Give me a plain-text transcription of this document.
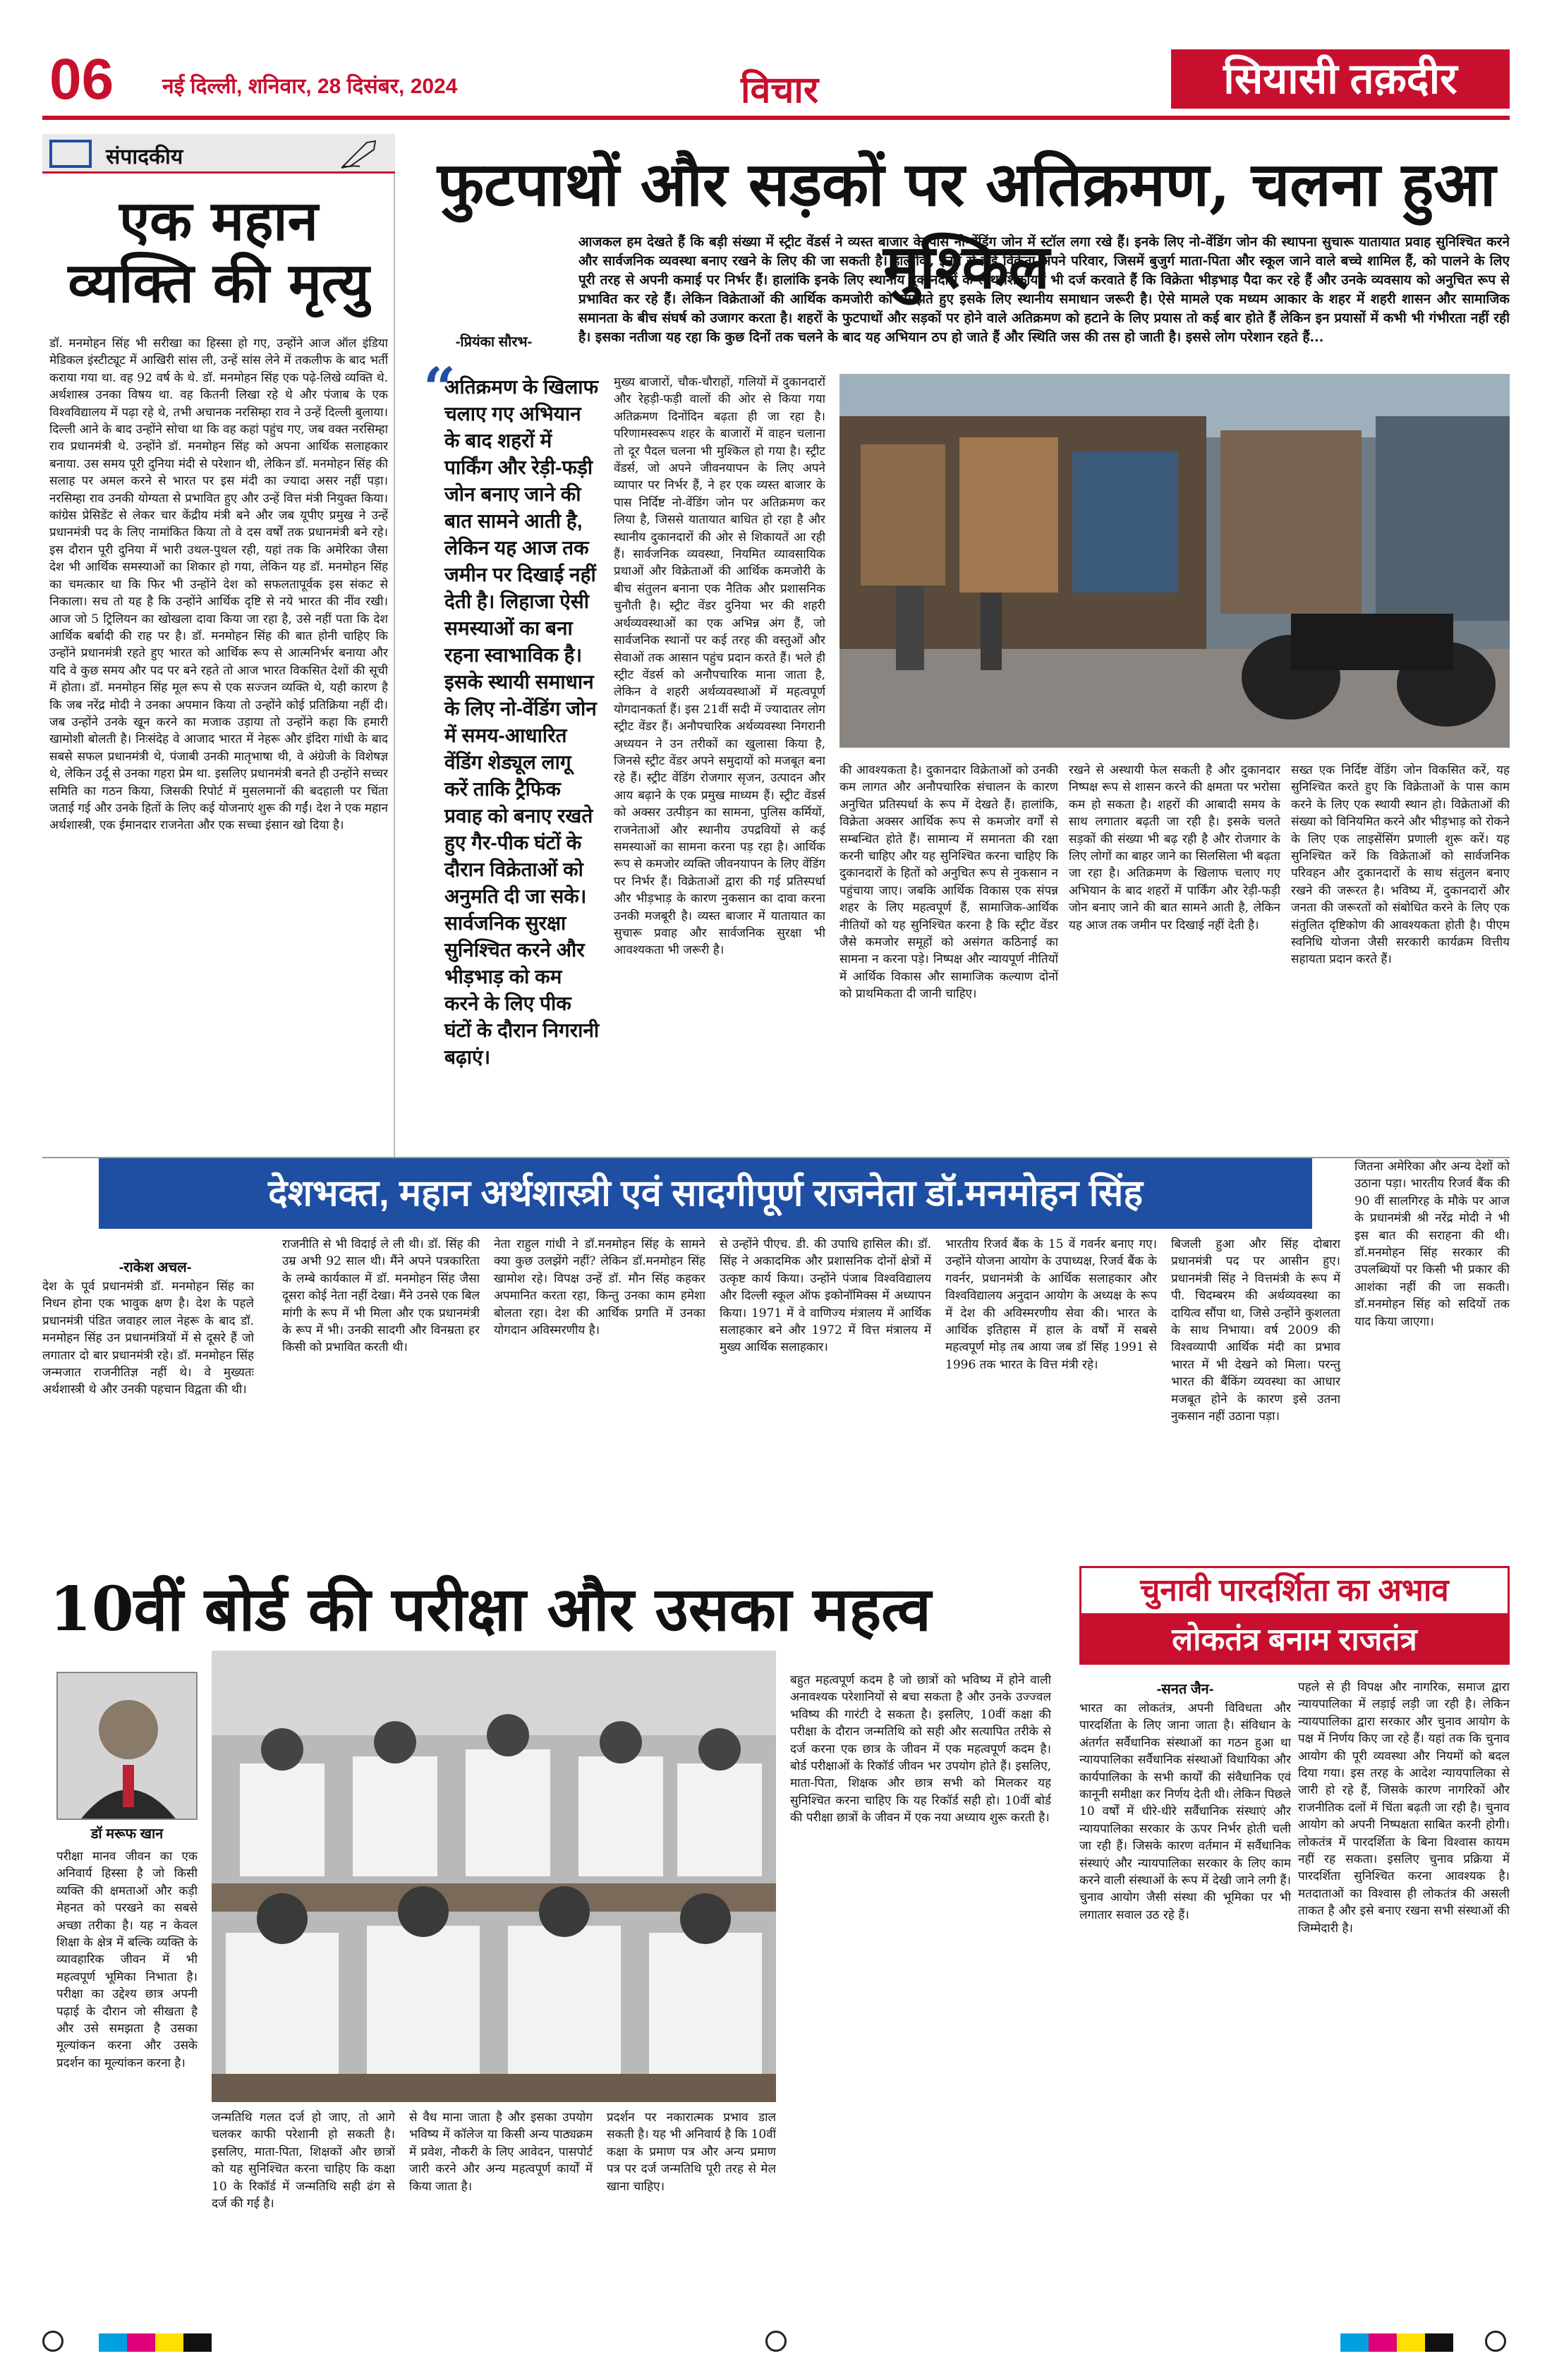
06 नई दिल्ली, शनिवार, 28 दिसंबर, 2024	विचार	सियासी तक़दीर
संपादकीय
एक महान व्यक्ति की मृत्यु
डॉ. मनमोहन सिंह भी सरीखा का हिस्सा हो गए, उन्होंने आज ऑल इंडिया मेडिकल इंस्टीट्यूट में आखिरी सांस ली, उन्हें सांस लेने में तकलीफ के बाद भर्ती कराया गया था. वह 92 वर्ष के थे. डॉ. मनमोहन सिंह एक पढ़े-लिखे व्यक्ति थे. अर्थशास्त्र उनका विषय था. वह कितनी लिखा रहे थे और पंजाब के एक विश्वविद्यालय में पढ़ा रहे थे, तभी अचानक नरसिम्हा राव ने उन्हें दिल्ली बुलाया। दिल्ली आने के बाद उन्होंने सोचा था कि वह कहां पहुंच गए, जब वक्त नरसिम्हा राव प्रधानमंत्री थे. उन्होंने डॉ. मनमोहन सिंह को अपना आर्थिक सलाहकार बनाया. उस समय पूरी दुनिया मंदी से परेशान थी, लेकिन डॉ. मनमोहन सिंह की सलाह पर अमल करने से भारत पर इस मंदी का ज्यादा असर नहीं पड़ा। नरसिम्हा राव उनकी योग्यता से प्रभावित हुए और उन्हें वित्त मंत्री नियुक्त किया। कांग्रेस प्रेसिडेंट से लेकर चार केंद्रीय मंत्री बने और जब यूपीए प्रमुख ने उन्हें प्रधानमंत्री पद के लिए नामांकित किया तो वे दस वर्षों तक प्रधानमंत्री बने रहे। इस दौरान पूरी दुनिया में भारी उथल-पुथल रही, यहां तक कि अमेरिका जैसा देश भी आर्थिक समस्याओं का शिकार हो गया, लेकिन यह डॉ. मनमोहन सिंह का चमत्कार था कि फिर भी उन्होंने देश को सफलतापूर्वक इस संकट से निकाला। सच तो यह है कि उन्होंने आर्थिक दृष्टि से नये भारत की नींव रखी। आज जो 5 ट्रिलियन का खोखला दावा किया जा रहा है, उसे नहीं पता कि देश आर्थिक बर्बादी की राह पर है। डॉ. मनमोहन सिंह की बात होनी चाहिए कि उन्होंने प्रधानमंत्री रहते हुए भारत को आर्थिक रूप से आत्मनिर्भर बनाया और यदि वे कुछ समय और पद पर बने रहते तो आज भारत विकसित देशों की सूची में होता। डॉ. मनमोहन सिंह मूल रूप से एक सज्जन व्यक्ति थे, यही कारण है कि जब नरेंद्र मोदी ने उनका अपमान किया तो उन्होंने कोई प्रतिक्रिया नहीं दी। जब उन्होंने उनके खून करने का मजाक उड़ाया तो उन्होंने कहा कि हमारी खामोशी बोलती है। निःसंदेह वे आजाद भारत में नेहरू और इंदिरा गांधी के बाद सबसे सफल प्रधानमंत्री थे, पंजाबी उनकी मातृभाषा थी, वे अंग्रेजी के विशेषज्ञ थे, लेकिन उर्दू से उनका गहरा प्रेम था. इसलिए प्रधानमंत्री बनते ही उन्होंने सच्चर समिति का गठन किया, जिसकी रिपोर्ट में मुसलमानों की बदहाली पर चिंता जताई गई और उनके हितों के लिए कई योजनाएं शुरू की गईं। देश ने एक महान अर्थशास्त्री, एक ईमानदार राजनेता और एक सच्चा इंसान खो दिया है।
फुटपाथों और सड़कों पर अतिक्रमण, चलना हुआ मुश्किल
आजकल हम देखते हैं कि बड़ी संख्या में स्ट्रीट वेंडर्स ने व्यस्त बाजार के पास नो-वेंडिंग जोन में स्टॉल लगा रखे हैं। इनके लिए नो-वेंडिंग जोन की स्थापना सुचारू यातायात प्रवाह सुनिश्चित करने और सार्वजनिक व्यवस्था बनाए रखने के लिए की जा सकती है। हालांकि, इनमें से कई विक्रेता अपने परिवार, जिसमें बुजुर्ग माता-पिता और स्कूल जाने वाले बच्चे शामिल हैं, को पालने के लिए पूरी तरह से अपनी कमाई पर निर्भर हैं। हालांकि इनके लिए स्थानीय दुकानदारों के साथ शिकायतें भी दर्ज करवाते हैं कि विक्रेता भीड़भाड़ पैदा कर रहे हैं और उनके व्यवसाय को अनुचित रूप से प्रभावित कर रहे हैं। लेकिन विक्रेताओं की आर्थिक कमजोरी को समझते हुए इसके लिए स्थानीय समाधान जरूरी है। ऐसे मामले एक मध्यम आकार के शहर में शहरी शासन और सामाजिक समानता के बीच संघर्ष को उजागर करता है। शहरों के फुटपाथों और सड़कों पर होने वाले अतिक्रमण को हटाने के लिए प्रयास तो कई बार होते हैं लेकिन इन प्रयासों में कभी भी गंभीरता नहीं रही है। इसका नतीजा यह रहा कि कुछ दिनों तक चलने के बाद यह अभियान ठप हो जाते हैं और स्थिति जस की तस हो जाती है। इससे लोग परेशान रहते हैं...
-प्रियंका सौरभ-
“
अतिक्रमण के खिलाफ चलाए गए अभियान के बाद शहरों में पार्किंग और रेड़ी-फड़ी जोन बनाए जाने की बात सामने आती है, लेकिन यह आज तक जमीन पर दिखाई नहीं देती है। लिहाजा ऐसी समस्याओं का बना रहना स्वाभाविक है। इसके स्थायी समाधान के लिए नो-वेंडिंग जोन में समय-आधारित वेंडिंग शेड्यूल लागू करें ताकि ट्रैफिक प्रवाह को बनाए रखते हुए गैर-पीक घंटों के दौरान विक्रेताओं को अनुमति दी जा सके। सार्वजनिक सुरक्षा सुनिश्चित करने और भीड़भाड़ को कम करने के लिए पीक घंटों के दौरान निगरानी बढ़ाएं।
मुख्य बाजारों, चौक-चौराहों, गलियों में दुकानदारों और रेहड़ी-फड़ी वालों की ओर से किया गया अतिक्रमण दिनोंदिन बढ़ता ही जा रहा है। परिणामस्वरूप शहर के बाजारों में वाहन चलाना तो दूर पैदल चलना भी मुश्किल हो गया है। स्ट्रीट वेंडर्स, जो अपने जीवनयापन के लिए अपने व्यापार पर निर्भर हैं, ने हर एक व्यस्त बाजार के पास निर्दिष्ट नो-वेंडिंग जोन पर अतिक्रमण कर लिया है, जिससे यातायात बाधित हो रहा है और स्थानीय दुकानदारों की ओर से शिकायतें आ रही हैं। सार्वजनिक व्यवस्था, नियमित व्यावसायिक प्रथाओं और विक्रेताओं की आर्थिक कमजोरी के बीच संतुलन बनाना एक नैतिक और प्रशासनिक चुनौती है। स्ट्रीट वेंडर दुनिया भर की शहरी अर्थव्यवस्थाओं का एक अभिन्न अंग हैं, जो सार्वजनिक स्थानों पर कई तरह की वस्तुओं और सेवाओं तक आसान पहुंच प्रदान करते हैं। भले ही स्ट्रीट वेंडर्स को अनौपचारिक माना जाता है, लेकिन वे शहरी अर्थव्यवस्थाओं में महत्वपूर्ण योगदानकर्ता हैं। इस 21वीं सदी में ज्यादातर लोग स्ट्रीट वेंडर हैं। अनौपचारिक अर्थव्यवस्था निगरानी अध्ययन ने उन तरीकों का खुलासा किया है, जिनसे स्ट्रीट वेंडर अपने समुदायों को मजबूत बना रहे हैं। स्ट्रीट वेंडिंग रोजगार सृजन, उत्पादन और आय बढ़ाने के एक प्रमुख माध्यम हैं। स्ट्रीट वेंडर्स को अक्सर उत्पीड़न का सामना, पुलिस कर्मियों, राजनेताओं और स्थानीय उपद्रवियों से कई समस्याओं का सामना करना पड़ रहा है। आर्थिक रूप से कमजोर व्यक्ति जीवनयापन के लिए वेंडिंग पर निर्भर हैं। विक्रेताओं द्वारा की गई प्रतिस्पर्धा और भीड़भाड़ के कारण नुकसान का दावा करना उनकी मजबूरी है। व्यस्त बाजार में यातायात का सुचारू प्रवाह और सार्वजनिक सुरक्षा भी आवश्यकता भी जरूरी है।
की आवश्यकता है। दुकानदार विक्रेताओं को उनकी कम लागत और अनौपचारिक संचालन के कारण अनुचित प्रतिस्पर्धा के रूप में देखते हैं। हालांकि, विक्रेता अक्सर आर्थिक रूप से कमजोर वर्गों से सम्बन्धित होते हैं। सामान्य में समानता की रक्षा करनी चाहिए और यह सुनिश्चित करना चाहिए कि दुकानदारों के हितों को अनुचित रूप से नुकसान न पहुंचाया जाए। जबकि आर्थिक विकास एक संपन्न शहर के लिए महत्वपूर्ण हैं, सामाजिक-आर्थिक नीतियों को यह सुनिश्चित करना है कि स्ट्रीट वेंडर जैसे कमजोर समूहों को असंगत कठिनाई का सामना न करना पड़े। निष्पक्ष और न्यायपूर्ण नीतियों में आर्थिक विकास और सामाजिक कल्याण दोनों को प्राथमिकता दी जानी चाहिए।
रखने से अस्थायी फेल सकती है और दुकानदार निष्पक्ष रूप से शासन करने की क्षमता पर भरोसा कम हो सकता है। शहरों की आबादी समय के साथ लगातार बढ़ती जा रही है। इसके चलते सड़कों की संख्या भी बढ़ रही है और रोजगार के लिए लोगों का बाहर जाने का सिलसिला भी बढ़ता जा रहा है। अतिक्रमण के खिलाफ चलाए गए अभियान के बाद शहरों में पार्किंग और रेड़ी-फड़ी जोन बनाए जाने की बात सामने आती है, लेकिन यह आज तक जमीन पर दिखाई नहीं देती है।
सख्त एक निर्दिष्ट वेंडिंग जोन विकसित करें, यह सुनिश्चित करते हुए कि विक्रेताओं के पास काम करने के लिए एक स्थायी स्थान हो। विक्रेताओं की संख्या को विनियमित करने और भीड़भाड़ को रोकने के लिए एक लाइसेंसिंग प्रणाली शुरू करें। यह सुनिश्चित करें कि विक्रेताओं को सार्वजनिक परिवहन और दुकानदारों के साथ संतुलन बनाए रखने की जरूरत है। भविष्य में, दुकानदारों और जनता की जरूरतों को संबोधित करने के लिए एक संतुलित दृष्टिकोण की आवश्यकता होती है। पीएम स्वनिधि योजना जैसी सरकारी कार्यक्रम वित्तीय सहायता प्रदान करते हैं।
देशभक्त, महान अर्थशास्त्री एवं सादगीपूर्ण राजनेता डॉ.मनमोहन सिंह
-राकेश अचल-
देश के पूर्व प्रधानमंत्री डॉ. मनमोहन सिंह का निधन होना एक भावुक क्षण है। देश के पहले प्रधानमंत्री पंडित जवाहर लाल नेहरू के बाद डॉ. मनमोहन सिंह उन प्रधानमंत्रियों में से दूसरे हैं जो लगातार दो बार प्रधानमंत्री रहे। डॉ. मनमोहन सिंह जन्मजात राजनीतिज्ञ नहीं थे। वे मुख्यतः अर्थशास्त्री थे और उनकी पहचान विद्वता की थी।
राजनीति से भी विदाई ले ली थी। डॉ. सिंह की उम्र अभी 92 साल थी। मैंने अपने पत्रकारिता के लम्बे कार्यकाल में डॉ. मनमोहन सिंह जैसा दूसरा कोई नेता नहीं देखा। मैंने उनसे एक बिल मांगी के रूप में भी मिला और एक प्रधानमंत्री के रूप में भी। उनकी सादगी और विनम्रता हर किसी को प्रभावित करती थी।
नेता राहुल गांधी ने डॉ.मनमोहन सिंह के सामने क्या कुछ उलझेंगे नहीं? लेकिन डॉ.मनमोहन सिंह खामोश रहे। विपक्ष उन्हें डॉ. मौन सिंह कहकर अपमानित करता रहा, किन्तु उनका काम हमेशा बोलता रहा। देश की आर्थिक प्रगति में उनका योगदान अविस्मरणीय है।
से उन्होंने पीएच. डी. की उपाधि हासिल की। डॉ. सिंह ने अकादमिक और प्रशासनिक दोनों क्षेत्रों में उत्कृष्ट कार्य किया। उन्होंने पंजाब विश्वविद्यालय और दिल्ली स्कूल ऑफ इकोनॉमिक्स में अध्यापन किया। 1971 में वे वाणिज्य मंत्रालय में आर्थिक सलाहकार बने और 1972 में वित्त मंत्रालय में मुख्य आर्थिक सलाहकार।
भारतीय रिजर्व बैंक के 15 वें गवर्नर बनाए गए। उन्होंने योजना आयोग के उपाध्यक्ष, रिजर्व बैंक के गवर्नर, प्रधानमंत्री के आर्थिक सलाहकार और विश्वविद्यालय अनुदान आयोग के अध्यक्ष के रूप में देश की अविस्मरणीय सेवा की। भारत के आर्थिक इतिहास में हाल के वर्षों में सबसे महत्वपूर्ण मोड़ तब आया जब डॉ सिंह 1991 से 1996 तक भारत के वित्त मंत्री रहे।
बिजली हुआ और सिंह दोबारा प्रधानमंत्री पद पर आसीन हुए। प्रधानमंत्री सिंह ने वित्तमंत्री के रूप में पी. चिदम्बरम की अर्थव्यवस्था का दायित्व सौंपा था, जिसे उन्होंने कुशलता के साथ निभाया। वर्ष 2009 की विश्वव्यापी आर्थिक मंदी का प्रभाव भारत में भी देखने को मिला। परन्तु भारत की बैंकिंग व्यवस्था का आधार मजबूत होने के कारण इसे उतना नुकसान नहीं उठाना पड़ा।
जितना अमेरिका और अन्य देशों को उठाना पड़ा। भारतीय रिजर्व बैंक की 90 वीं सालगिरह के मौके पर आज के प्रधानमंत्री श्री नरेंद्र मोदी ने भी इस बात की सराहना की थी। डॉ.मनमोहन सिंह सरकार की उपलब्धियों पर किसी भी प्रकार की आशंका नहीं की जा सकती। डॉ.मनमोहन सिंह को सदियों तक याद किया जाएगा।
10वीं बोर्ड की परीक्षा और उसका महत्व
डॉ मरूफ खान
परीक्षा मानव जीवन का एक अनिवार्य हिस्सा है जो किसी व्यक्ति की क्षमताओं और कड़ी मेहनत को परखने का सबसे अच्छा तरीका है। यह न केवल शिक्षा के क्षेत्र में बल्कि व्यक्ति के व्यावहारिक जीवन में भी महत्वपूर्ण भूमिका निभाता है। परीक्षा का उद्देश्य छात्र अपनी पढ़ाई के दौरान जो सीखता है और उसे समझता है उसका मूल्यांकन करना और उसके प्रदर्शन का मूल्यांकन करना है।
जन्मतिथि गलत दर्ज हो जाए, तो आगे चलकर काफी परेशानी हो सकती है। इसलिए, माता-पिता, शिक्षकों और छात्रों को यह सुनिश्चित करना चाहिए कि कक्षा 10 के रिकॉर्ड में जन्मतिथि सही ढंग से दर्ज की गई है।
से वैध माना जाता है और इसका उपयोग भविष्य में कॉलेज या किसी अन्य पाठ्यक्रम में प्रवेश, नौकरी के लिए आवेदन, पासपोर्ट जारी करने और अन्य महत्वपूर्ण कार्यों में किया जाता है।
प्रदर्शन पर नकारात्मक प्रभाव डाल सकती है। यह भी अनिवार्य है कि 10वीं कक्षा के प्रमाण पत्र और अन्य प्रमाण पत्र पर दर्ज जन्मतिथि पूरी तरह से मेल खाना चाहिए।
बहुत महत्वपूर्ण कदम है जो छात्रों को भविष्य में होने वाली अनावश्यक परेशानियों से बचा सकता है और उनके उज्ज्वल भविष्य की गारंटी दे सकता है। इसलिए, 10वीं कक्षा की परीक्षा के दौरान जन्मतिथि को सही और सत्यापित तरीके से दर्ज करना एक छात्र के जीवन में एक महत्वपूर्ण कदम है। बोर्ड परीक्षाओं के रिकॉर्ड जीवन भर उपयोग होते हैं। इसलिए, माता-पिता, शिक्षक और छात्र सभी को मिलकर यह सुनिश्चित करना चाहिए कि यह रिकॉर्ड सही हो। 10वीं बोर्ड की परीक्षा छात्रों के जीवन में एक नया अध्याय शुरू करती है।
चुनावी पारदर्शिता का अभाव
लोकतंत्र बनाम राजतंत्र
-सनत जैन-
भारत का लोकतंत्र, अपनी विविधता और पारदर्शिता के लिए जाना जाता है। संविधान के अंतर्गत सर्वैधानिक संस्थाओं का गठन हुआ था न्यायपालिका सर्वैधानिक संस्थाओं विधायिका और कार्यपालिका के सभी कार्यों की संवैधानिक एवं कानूनी समीक्षा कर निर्णय देती थी। लेकिन पिछले 10 वर्षों में धीरे-धीरे सर्वैधानिक संस्थाएं और न्यायपालिका सरकार के ऊपर निर्भर होती चली जा रही हैं। जिसके कारण वर्तमान में सर्वैधानिक संस्थाएं और न्यायपालिका सरकार के लिए काम करने वाली संस्थाओं के रूप में देखी जाने लगी हैं। चुनाव आयोग जैसी संस्था की भूमिका पर भी लगातार सवाल उठ रहे हैं।
पहले से ही विपक्ष और नागरिक, समाज द्वारा न्यायपालिका में लड़ाई लड़ी जा रही है। लेकिन न्यायपालिका द्वारा सरकार और चुनाव आयोग के पक्ष में निर्णय किए जा रहे हैं। यहां तक कि चुनाव आयोग की पूरी व्यवस्था और नियमों को बदल दिया गया। इस तरह के आदेश न्यायपालिका से जारी हो रहे हैं, जिसके कारण नागरिकों और राजनीतिक दलों में चिंता बढ़ती जा रही है। चुनाव आयोग को अपनी निष्पक्षता साबित करनी होगी। लोकतंत्र में पारदर्शिता के बिना विश्वास कायम नहीं रह सकता। इसलिए चुनाव प्रक्रिया में पारदर्शिता सुनिश्चित करना आवश्यक है। मतदाताओं का विश्वास ही लोकतंत्र की असली ताकत है और इसे बनाए रखना सभी संस्थाओं की जिम्मेदारी है।
